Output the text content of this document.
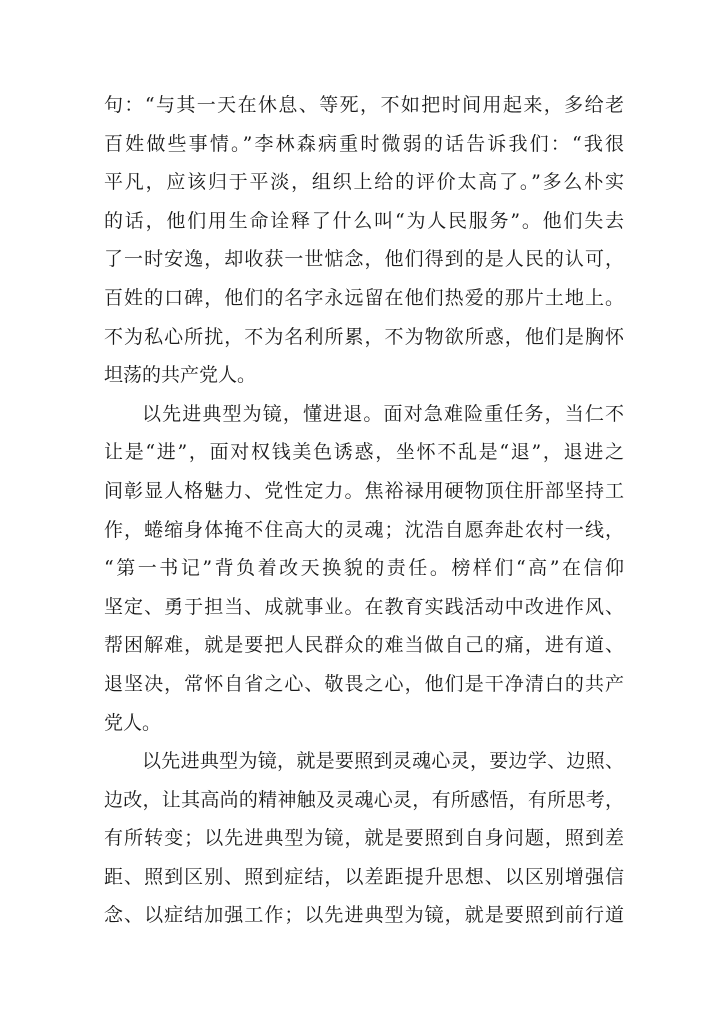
句：“与其一天在休息、等死，不如把时间用起来，多给老
百姓做些事情。”李林森病重时微弱的话告诉我们：“我很
平凡，应该归于平淡，组织上给的评价太高了。”多么朴实
的话，他们用生命诠释了什么叫“为人民服务”。他们失去
了一时安逸，却收获一世惦念，他们得到的是人民的认可，
百姓的口碑，他们的名字永远留在他们热爱的那片土地上。
不为私心所扰，不为名利所累，不为物欲所惑，他们是胸怀
坦荡的共产党人。
以先进典型为镜，懂进退。面对急难险重任务，当仁不
让是“进”，面对权钱美色诱惑，坐怀不乱是“退”，退进之
间彰显人格魅力、党性定力。焦裕禄用硬物顶住肝部坚持工
作，蜷缩身体掩不住高大的灵魂；沈浩自愿奔赴农村一线，
“第一书记”背负着改天换貌的责任。榜样们“高”在信仰
坚定、勇于担当、成就事业。在教育实践活动中改进作风、
帮困解难，就是要把人民群众的难当做自己的痛，进有道、
退坚决，常怀自省之心、敬畏之心，他们是干净清白的共产
党人。
以先进典型为镜，就是要照到灵魂心灵，要边学、边照、
边改，让其高尚的精神触及灵魂心灵，有所感悟，有所思考，
有所转变；以先进典型为镜，就是要照到自身问题，照到差
距、照到区别、照到症结，以差距提升思想、以区别增强信
念、以症结加强工作；以先进典型为镜，就是要照到前行道
